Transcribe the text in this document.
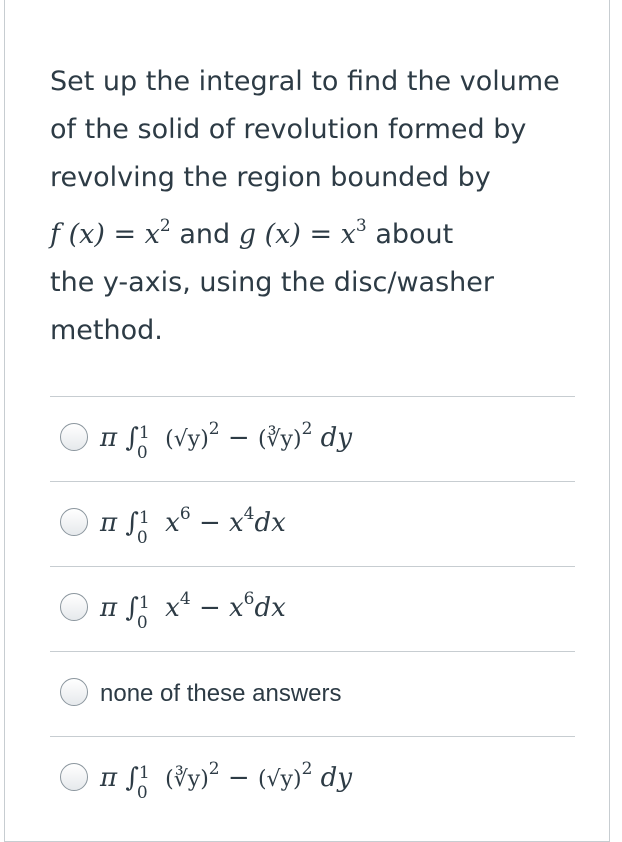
Set up the integral to find the volume
of the solid of revolution formed by
revolving the region bounded by
f $(x) = x^2$ and g $(x) = x^3$ about
the y-axis, using the disc/washer
method.
π ∫ 1
0
$(√y)^2$ − (∛y)$^2$ dy
π ∫ 1
0 $x^6 - x^4dx$
π ∫ 1
0 $x^4 - x^6dx$
none of these answers
π ∫ 1
0
(∛y)$^2$ − $(√y)^2$ dy
